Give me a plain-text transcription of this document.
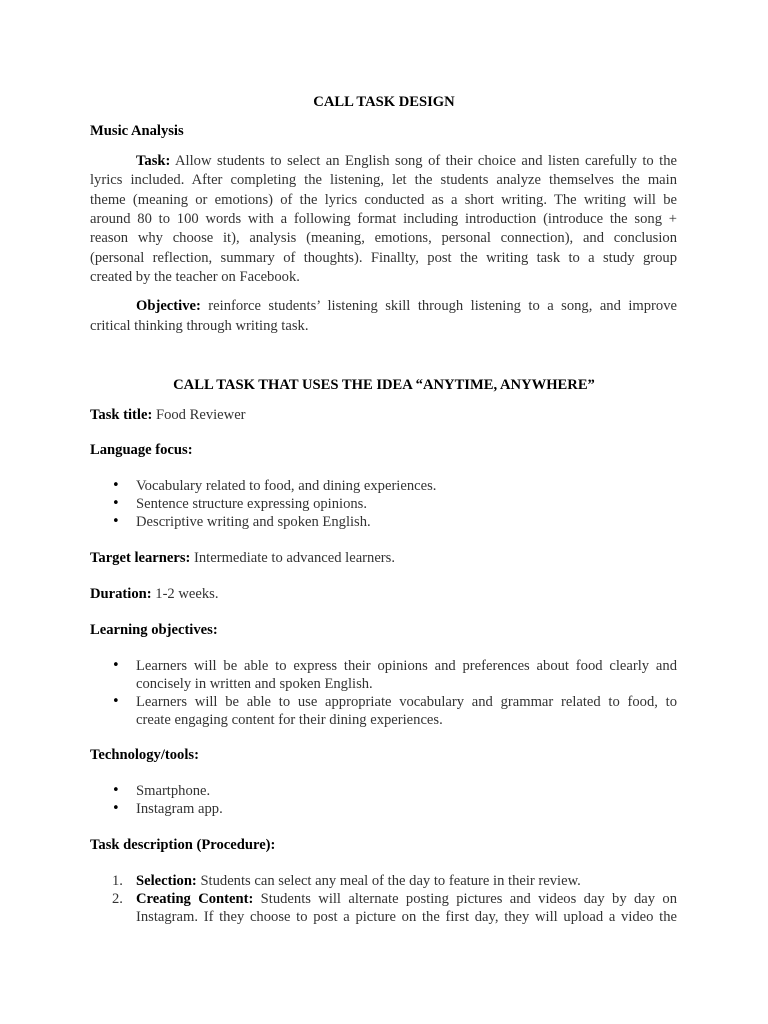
CALL TASK DESIGN

Music Analysis

Task: Allow students to select an English song of their choice and listen carefully to the

lyrics included. After completing the listening, let the students analyze themselves the main

theme (meaning or emotions) of the lyrics conducted as a short writing. The writing will be

around 80 to 100 words with a following format including introduction (introduce the song +

reason why choose it), analysis (meaning, emotions, personal connection), and conclusion

(personal reflection, summary of thoughts). Finallty, post the writing task to a study group

created by the teacher on Facebook.

Objective: reinforce students’ listening skill through listening to a song, and improve

critical thinking through writing task.

CALL TASK THAT USES THE IDEA “ANYTIME, ANYWHERE”

Task title: Food Reviewer

Language focus:

• Vocabulary related to food, and dining experiences.
• Sentence structure expressing opinions.
• Descriptive writing and spoken English.

Target learners: Intermediate to advanced learners.

Duration: 1-2 weeks.

Learning objectives:

• Learners will be able to express their opinions and preferences about food clearly and
concisely in written and spoken English.
• Learners will be able to use appropriate vocabulary and grammar related to food, to
create engaging content for their dining experiences.

Technology/tools:

• Smartphone.
• Instagram app.

Task description (Procedure):

1. Selection: Students can select any meal of the day to feature in their review.
2. Creating Content: Students will alternate posting pictures and videos day by day on
Instagram. If they choose to post a picture on the first day, they will upload a video the
